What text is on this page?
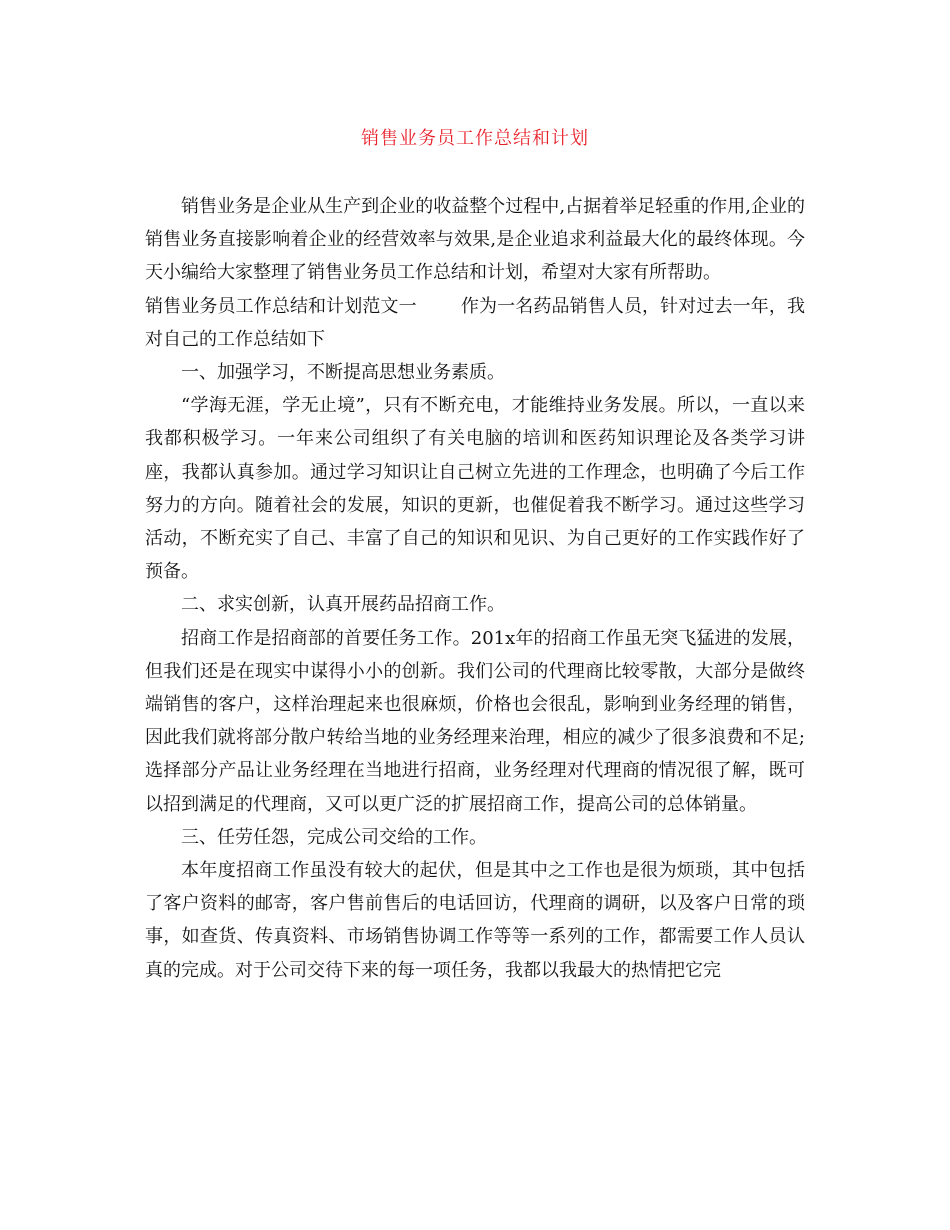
销售业务员工作总结和计划

销售业务是企业从生产到企业的收益整个过程中,占据着举足轻重的作用,企业的销售业务直接影响着企业的经营效率与效果,是企业追求利益最大化的最终体现。今天小编给大家整理了销售业务员工作总结和计划，希望对大家有所帮助。

销售业务员工作总结和计划范文一 作为一名药品销售人员，针对过去一年，我对自己的工作总结如下

一、加强学习，不断提高思想业务素质。

“学海无涯，学无止境”，只有不断充电，才能维持业务发展。所以，一直以来我都积极学习。一年来公司组织了有关电脑的培训和医药知识理论及各类学习讲座，我都认真参加。通过学习知识让自己树立先进的工作理念，也明确了今后工作努力的方向。随着社会的发展，知识的更新，也催促着我不断学习。通过这些学习活动，不断充实了自己、丰富了自己的知识和见识、为自己更好的工作实践作好了预备。

二、求实创新，认真开展药品招商工作。

招商工作是招商部的首要任务工作。201x年的招商工作虽无突飞猛进的发展，但我们还是在现实中谋得小小的创新。我们公司的代理商比较零散，大部分是做终端销售的客户，这样治理起来也很麻烦，价格也会很乱，影响到业务经理的销售，因此我们就将部分散户转给当地的业务经理来治理，相应的减少了很多浪费和不足;选择部分产品让业务经理在当地进行招商，业务经理对代理商的情况很了解，既可以招到满足的代理商，又可以更广泛的扩展招商工作，提高公司的总体销量。

三、任劳任怨，完成公司交给的工作。

本年度招商工作虽没有较大的起伏，但是其中之工作也是很为烦琐，其中包括了客户资料的邮寄，客户售前售后的电话回访，代理商的调研，以及客户日常的琐事，如查货、传真资料、市场销售协调工作等等一系列的工作，都需要工作人员认真的完成。对于公司交待下来的每一项任务，我都以我最大的热情把它完
